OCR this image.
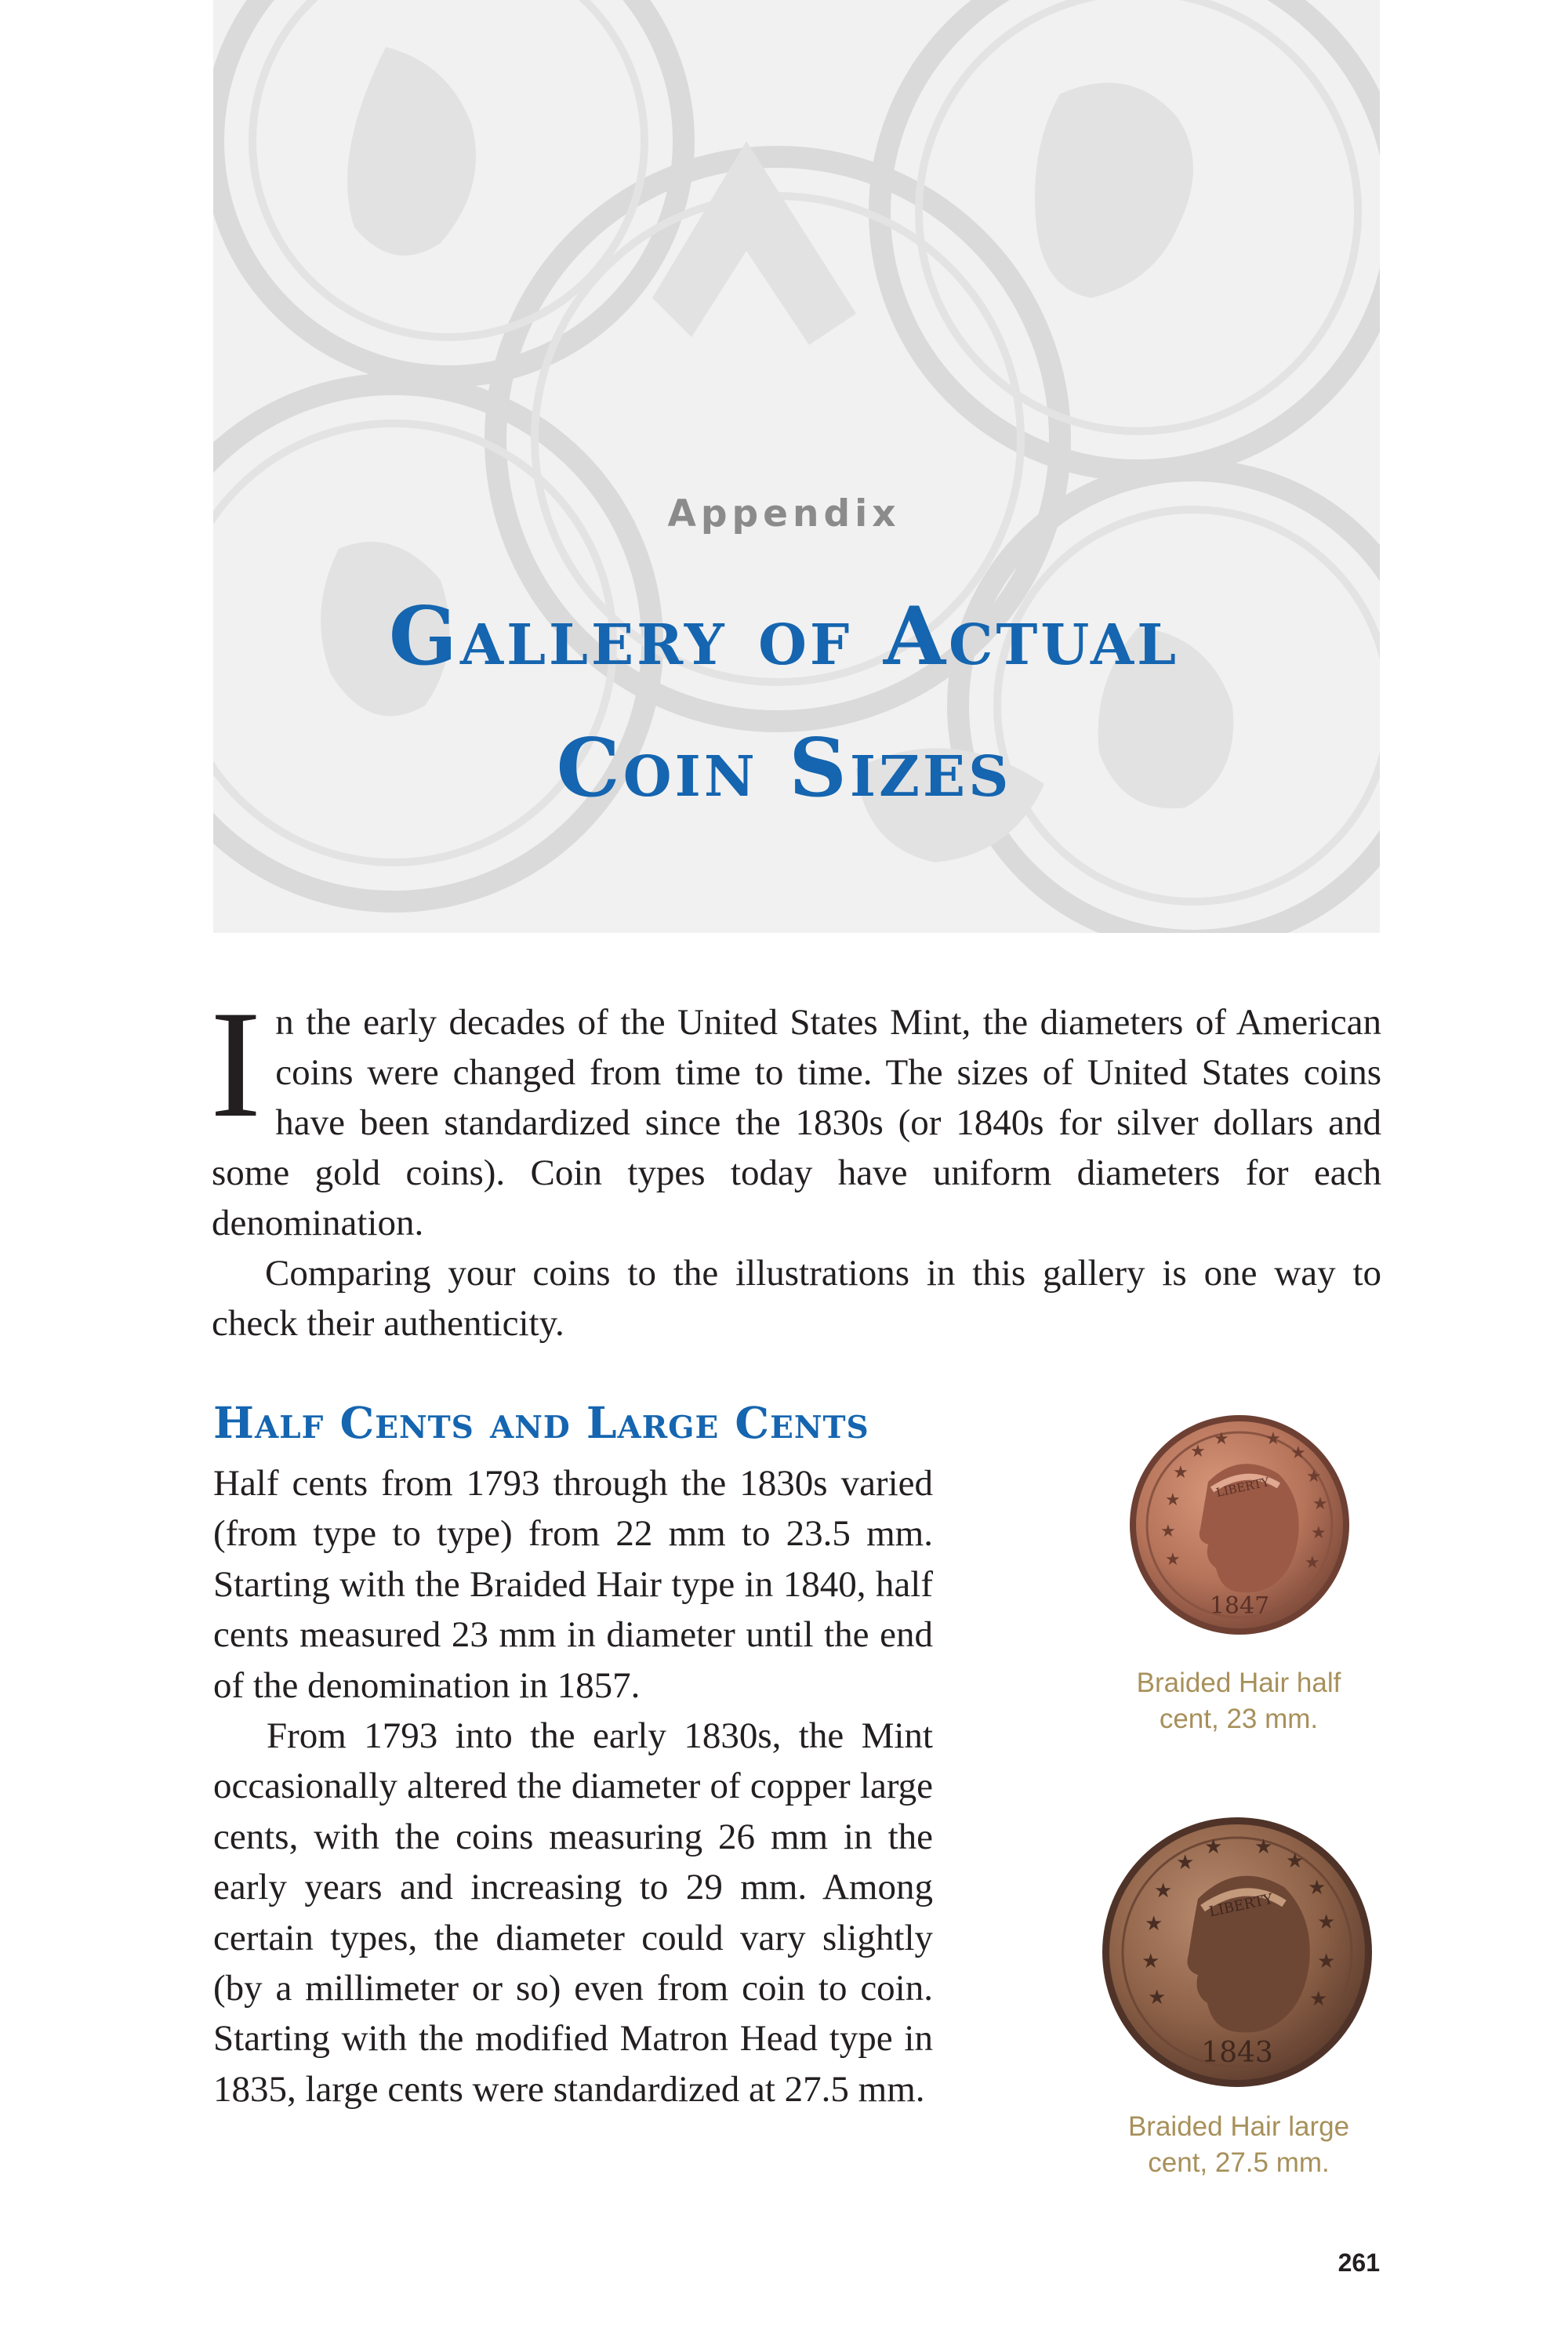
Appendix
Gallery of Actual
Coin Sizes

In the early decades of the United States Mint, the diameters of American coins were changed from time to time. The sizes of United States coins have been standardized since the 1830s (or 1840s for silver dollars and some gold coins). Coin types today have uniform diameters for each denomination.

Comparing your coins to the illustrations in this gallery is one way to check their authenticity.

Half Cents and Large Cents

Half cents from 1793 through the 1830s varied (from type to type) from 22 mm to 23.5 mm. Starting with the Braided Hair type in 1840, half cents measured 23 mm in diameter until the end of the denomination in 1857.

From 1793 into the early 1830s, the Mint occasionally altered the diameter of copper large cents, with the coins measuring 26 mm in the early years and increasing to 29 mm. Among certain types, the diameter could vary slightly (by a millimeter or so) even from coin to coin. Starting with the modified Matron Head type in 1835, large cents were standardized at 27.5 mm.

★
★
★
★ ★
★
★
★
★
★
★
★
LIBERTY
1847
Braided Hair half
cent, 23 mm.
★
★
★
★ ★
★
★
★
★
★
★
★
LIBERTY
1843
Braided Hair large
cent, 27.5 mm.
261
